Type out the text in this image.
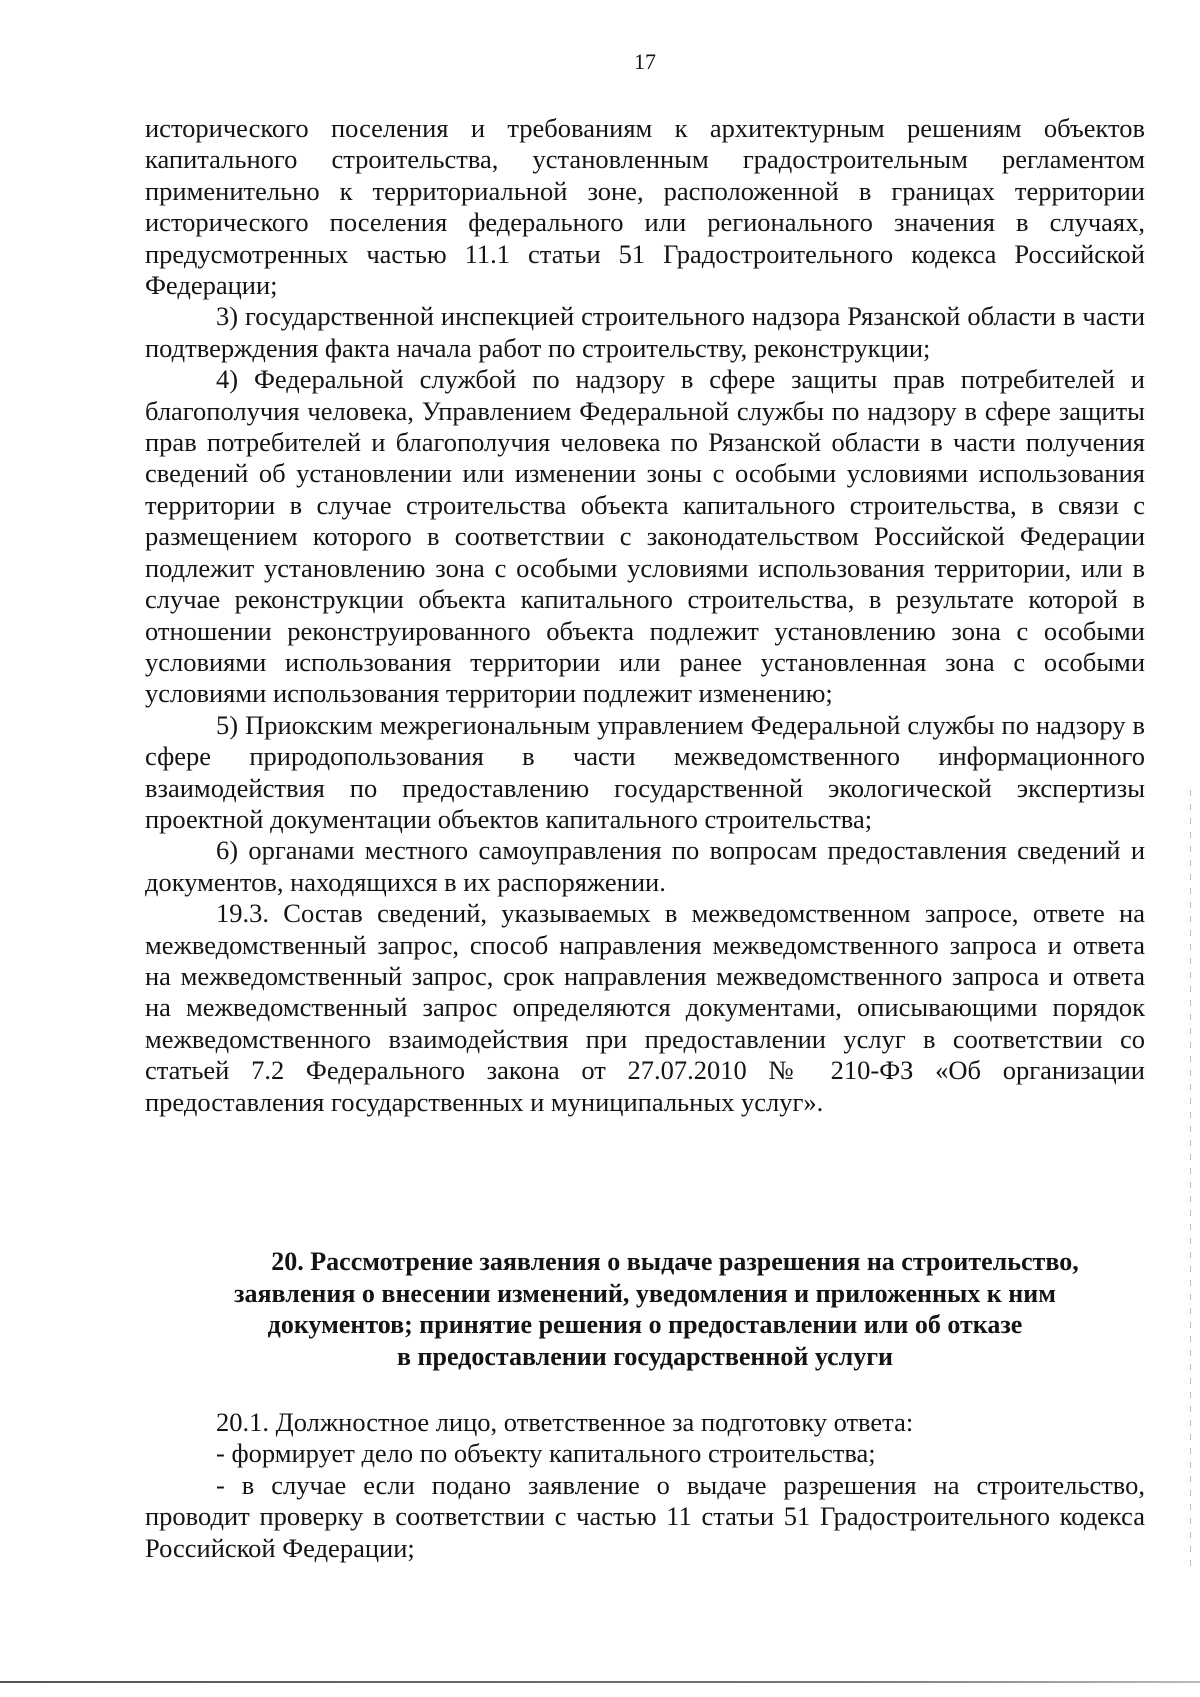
17

исторического поселения и требованиям к архитектурным решениям объектов капитального строительства, установленным градостроительным регламентом применительно к территориальной зоне, расположенной в границах территории исторического поселения федерального или регионального значения в случаях, предусмотренных частью 11.1 статьи 51 Градостроительного кодекса Российской Федерации;

3) государственной инспекцией строительного надзора Рязанской области в части подтверждения факта начала работ по строительству, реконструкции;

4) Федеральной службой по надзору в сфере защиты прав потребителей и благополучия человека, Управлением Федеральной службы по надзору в сфере защиты прав потребителей и благополучия человека по Рязанской области в части получения сведений об установлении или изменении зоны с особыми условиями использования территории в случае строительства объекта капитального строительства, в связи с размещением которого в соответствии с законодательством Российской Федерации подлежит установлению зона с особыми условиями использования территории, или в случае реконструкции объекта капитального строительства, в результате которой в отношении реконструированного объекта подлежит установлению зона с особыми условиями использования территории или ранее установленная зона с особыми условиями использования территории подлежит изменению;

5) Приокским межрегиональным управлением Федеральной службы по надзору в сфере природопользования в части межведомственного информационного взаимодействия по предоставлению государственной экологической экспертизы проектной документации объектов капитального строительства;

6) органами местного самоуправления по вопросам предоставления сведений и документов, находящихся в их распоряжении.

19.3. Состав сведений, указываемых в межведомственном запросе, ответе на межведомственный запрос, способ направления межведомственного запроса и ответа на межведомственный запрос, срок направления межведомственного запроса и ответа на межведомственный запрос определяются документами, описывающими порядок межведомственного взаимодействия при предоставлении услуг в соответствии со статьей 7.2 Федерального закона от 27.07.2010 № 210-ФЗ «Об организации предоставления государственных и муниципальных услуг».

20. Рассмотрение заявления о выдаче разрешения на строительство,
заявления о внесении изменений, уведомления и приложенных к ним
документов; принятие решения о предоставлении или об отказе
в предоставлении государственной услуги

20.1. Должностное лицо, ответственное за подготовку ответа:

- формирует дело по объекту капитального строительства;

- в случае если подано заявление о выдаче разрешения на строительство, проводит проверку в соответствии с частью 11 статьи 51 Градостроительного кодекса Российской Федерации;
